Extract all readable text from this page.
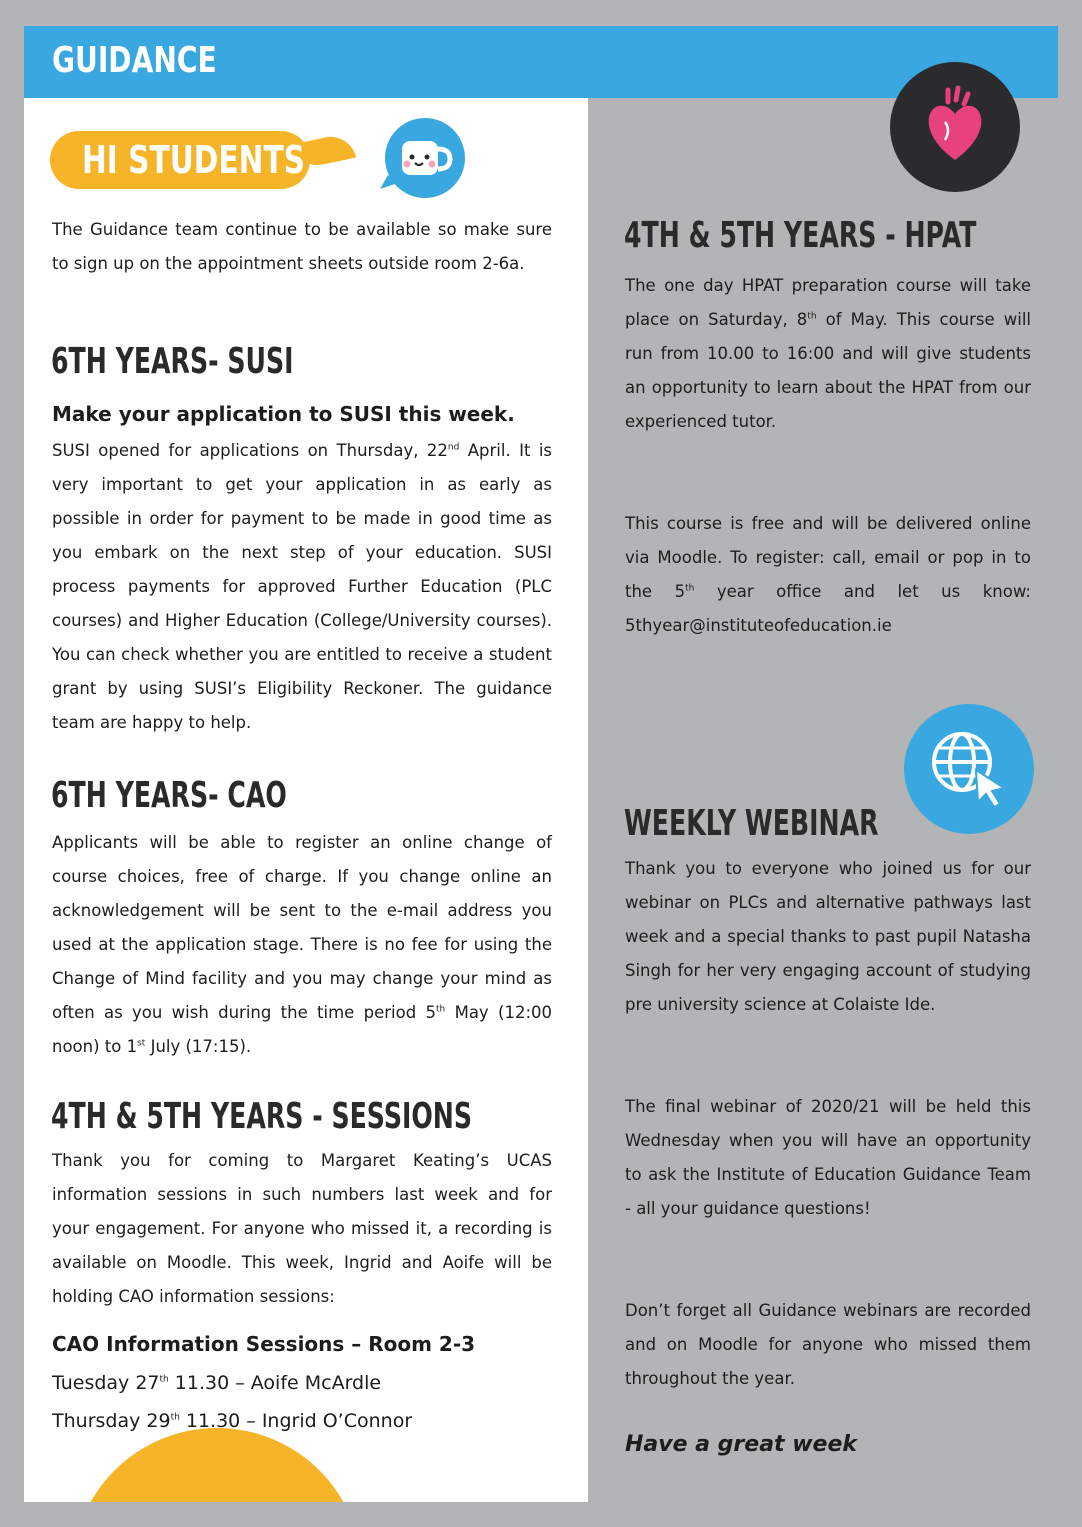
GUIDANCE
HI STUDENTS

The Guidance team continue to be available so make sure to sign up on the appointment sheets outside room 2-6a.

6TH YEARS- SUSI
Make your application to SUSI this week.

SUSI opened for applications on Thursday, 22nd April. It is very important to get your application in as early as possible in order for payment to be made in good time as you embark on the next step of your education. SUSI process payments for approved Further Education (PLC courses) and Higher Education (College/University courses). You can check whether you are entitled to receive a student grant by using SUSI’s Eligibility Reckoner. The guidance team are happy to help.

6TH YEARS- CAO

Applicants will be able to register an online change of course choices, free of charge. If you change online an acknowledgement will be sent to the e-mail address you used at the application stage. There is no fee for using the Change of Mind facility and you may change your mind as often as you wish during the time period 5th May (12:00 noon) to 1st July (17:15).

4TH & 5TH YEARS - SESSIONS

Thank you for coming to Margaret Keating’s UCAS information sessions in such numbers last week and for your engagement. For anyone who missed it, a recording is available on Moodle. This week, Ingrid and Aoife will be holding CAO information sessions:

CAO Information Sessions – Room 2-3
Tuesday 27th 11.30 – Aoife McArdle
Thursday 29th 11.30 – Ingrid O’Connor
4TH & 5TH YEARS - HPAT

The one day HPAT preparation course will take place on Saturday, 8th of May. This course will run from 10.00 to 16:00 and will give students an opportunity to learn about the HPAT from our experienced tutor.

This course is free and will be delivered online via Moodle. To register: call, email or pop in to the 5th year office and let us know: 5thyear@instituteofeducation.ie

WEEKLY WEBINAR

Thank you to everyone who joined us for our webinar on PLCs and alternative pathways last week and a special thanks to past pupil Natasha Singh for her very engaging account of studying pre university science at Colaiste Ide.

The final webinar of 2020/21 will be held this Wednesday when you will have an opportunity to ask the Institute of Education Guidance Team - all your guidance questions!

Don’t forget all Guidance webinars are recorded and on Moodle for anyone who missed them throughout the year.

Have a great week
